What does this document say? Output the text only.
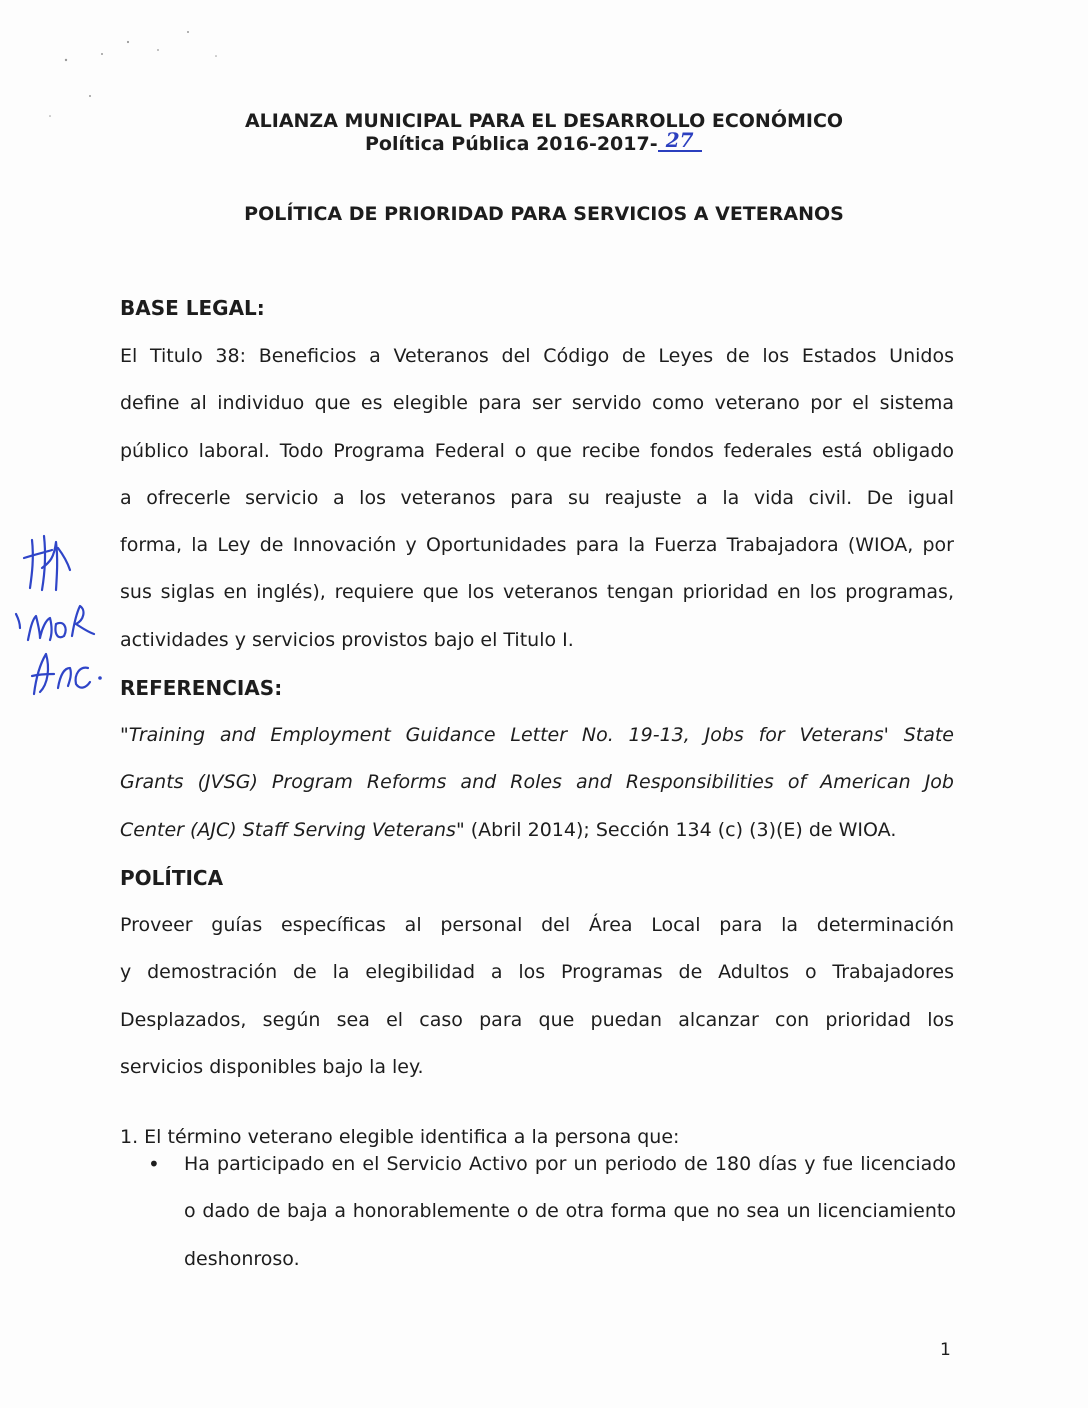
ALIANZA MUNICIPAL PARA EL DESARROLLO ECONÓMICO

Política Pública 2016-2017- 27

POLÍTICA DE PRIORIDAD PARA SERVICIOS A VETERANOS

BASE LEGAL:

El Titulo 38: Beneficios a Veteranos del Código de Leyes de los Estados Unidos
define al individuo que es elegible para ser servido como veterano por el sistema
público laboral. Todo Programa Federal o que recibe fondos federales está obligado
a ofrecerle servicio a los veteranos para su reajuste a la vida civil. De igual
forma, la Ley de Innovación y Oportunidades para la Fuerza Trabajadora (WIOA, por
sus siglas en inglés), requiere que los veteranos tengan prioridad en los programas,
actividades y servicios provistos bajo el Titulo I.

REFERENCIAS:

"Training and Employment Guidance Letter No. 19-13, Jobs for Veterans' State
Grants (JVSG) Program Reforms and Roles and Responsibilities of American Job
Center (AJC) Staff Serving Veterans" (Abril 2014); Sección 134 (c) (3)(E) de WIOA.

POLÍTICA

Proveer guías específicas al personal del Área Local para la determinación
y demostración de la elegibilidad a los Programas de Adultos o Trabajadores
Desplazados, según sea el caso para que puedan alcanzar con prioridad los
servicios disponibles bajo la ley.

1. El término veterano elegible identifica a la persona que:

• Ha participado en el Servicio Activo por un periodo de 180 días y fue licenciado
o dado de baja a honorablemente o de otra forma que no sea un licenciamiento
deshonroso.

1
